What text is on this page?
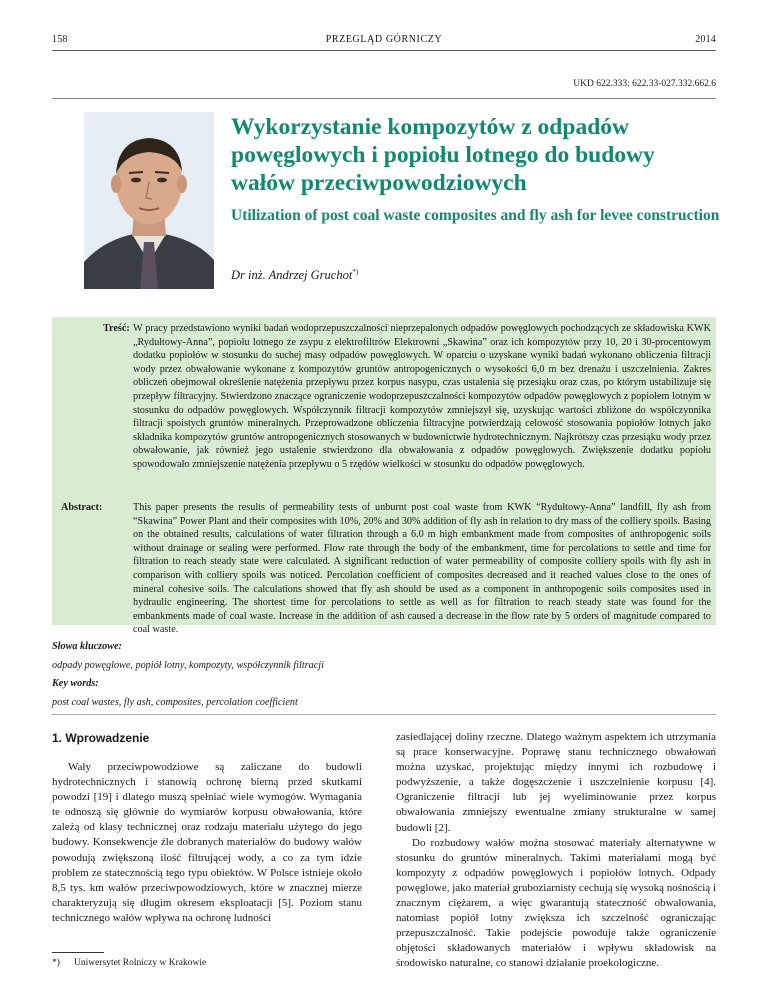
158	PRZEGLĄD GÓRNICZY	2014
UKD 622.333: 622.33-027.332.662.6
Wykorzystanie kompozytów z odpadów powęglowych i popiołu lotnego do budowy wałów przeciwpowodziowych
Utilization of post coal waste composites and fly ash for levee construction
Dr inż. Andrzej Gruchot*)
Treść: W pracy przedstawiono wyniki badań wodoprzepuszczalności nieprzepalonych odpadów powęglowych pochodzących ze składowiska KWK „Rydułtowy-Anna”, popiołu lotnego ze zsypu z elektrofiltrów Elektrowni „Skawina” oraz ich kompozytów przy 10, 20 i 30-procentowym dodatku popiołów w stosunku do suchej masy odpadów powęglowych. W oparciu o uzyskane wyniki badań wykonano obliczenia filtracji wody przez obwałowanie wykonane z kompozytów gruntów antropogenicznych o wysokości 6,0 m bez drenażu i uszczelnienia. Zakres obliczeń obejmował określenie natężenia przepływu przez korpus nasypu, czas ustalenia się przesiąku oraz czas, po którym ustabilizuje się przepływ filtracyjny. Stwierdzono znaczące ograniczenie wodoprzepuszczalności kompozytów odpadów powęglowych z popiołem lotnym w stosunku do odpadów powęglowych. Współczynnik filtracji kompozytów zmniejszył się, uzyskując wartości zbliżone do współczynnika filtracji spoistych gruntów mineralnych. Przeprowadzone obliczenia filtracyjne potwierdzają celowość stosowania popiołów lotnych jako składnika kompozytów gruntów antropogenicznych stosowanych w budownictwie hydrotechnicznym. Najkrótszy czas przesiąku wody przez obwałowanie, jak również jego ustalenie stwierdzono dla obwałowania z odpadów powęglowych. Zwiększenie dodatku popiołu spowodowało zmniejszenie natężenia przepływu o 5 rzędów wielkości w stosunku do odpadów powęglowych.
Abstract:	This paper presents the results of permeability tests of unburnt post coal waste from KWK “Rydułtowy-Anna” landfill, fly ash from “Skawina” Power Plant and their composites with 10%, 20% and 30% addition of fly ash in relation to dry mass of the colliery spoils. Basing on the obtained results, calculations of water filtration through a 6.0 m high embankment made from composites of anthropogenic soils without drainage or sealing were performed. Flow rate through the body of the embankment, time for percolations to settle and time for filtration to reach steady state were calculated. A significant reduction of water permeability of composite colliery spoils with fly ash in comparison with colliery spoils was noticed. Percolation coefficient of composites decreased and it reached values close to the ones of mineral cohesive soils. The calculations showed that fly ash should be used as a component in anthropogenic soils composites used in hydraulic engineering. The shortest time for percolations to settle as well as for filtration to reach steady state was found for the embankments made of coal waste. Increase in the addition of ash caused a decrease in the flow rate by 5 orders of magnitude compared to coal waste.
Słowa kluczowe:
odpady powęglowe, popiół lotny, kompozyty, współczynnik filtracji
Key words:
post coal wastes, fly ash, composites, percolation coefficient
1. Wprowadzenie

Wały przeciwpowodziowe są zaliczane do budowli hydrotechnicznych i stanowią ochronę bierną przed skutkami powodzi [19] i dlatego muszą spełniać wiele wymogów. Wymagania te odnoszą się głównie do wymiarów korpusu obwałowania, które zależą od klasy technicznej oraz rodzaju materiału użytego do jego budowy. Konsekwencje źle dobranych materiałów do budowy wałów powodują zwiększoną ilość filtrującej wody, a co za tym idzie problem ze statecznością tego typu obiektów. W Polsce istnieje około 8,5 tys. km wałów przeciwpowodziowych, które w znacznej mierze charakteryzują się długim okresem eksploatacji [5]. Poziom stanu technicznego wałów wpływa na ochronę ludności

zasiedlającej doliny rzeczne. Dlatego ważnym aspektem ich utrzymania są prace konserwacyjne. Poprawę stanu technicznego obwałowań można uzyskać, projektując między innymi ich rozbudowę i podwyższenie, a także dogęszczenie i uszczelnienie korpusu [4]. Ograniczenie filtracji lub jej wyeliminowanie przez korpus obwałowania zmniejszy ewentualne zmiany strukturalne w samej budowli [2].

Do rozbudowy wałów można stosować materiały alternatywne w stosunku do gruntów mineralnych. Takimi materiałami mogą być kompozyty z odpadów powęglowych i popiołów lotnych. Odpady powęglowe, jako materiał gruboziarnisty cechują się wysoką nośnością i znacznym ciężarem, a więc gwarantują stateczność obwałowania, natomiast popiół lotny zwiększa ich szczelność ograniczając przepuszczalność. Takie podejście powoduje także ograniczenie objętości składowanych materiałów i wpływu składowisk na środowisko naturalne, co stanowi działanie proekologiczne.

*) Uniwersytet Rolniczy w Krakowie
